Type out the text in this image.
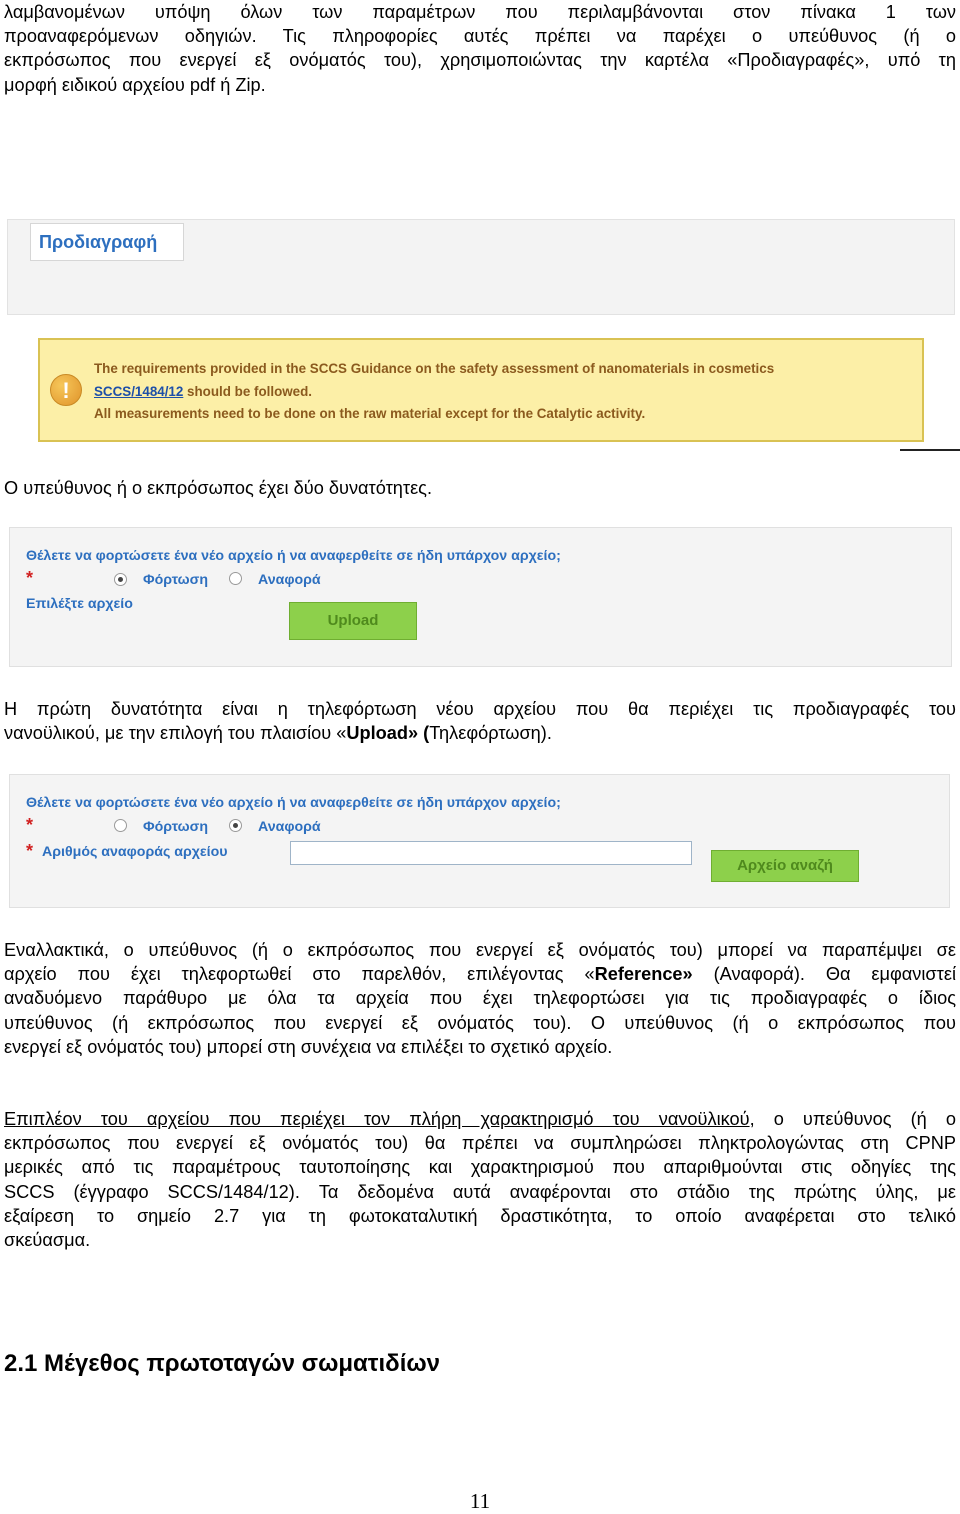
λαμβανομένων υπόψη όλων των παραμέτρων που περιλαμβάνονται στον πίνακα 1 των
προαναφερόμενων οδηγιών. Τις πληροφορίες αυτές πρέπει να παρέχει ο υπεύθυνος (ή ο
εκπρόσωπος που ενεργεί εξ ονόματός του), χρησιμοποιώντας την καρτέλα «Προδιαγραφές», υπό τη
μορφή ειδικού αρχείου pdf ή Zip.
Προδιαγραφή
!
The requirements provided in the SCCS Guidance on the safety assessment of nanomaterials in cosmetics
SCCS/1484/12 should be followed.
All measurements need to be done on the raw material except for the Catalytic activity.
Ο υπεύθυνος ή ο εκπρόσωπος έχει δύο δυνατότητες.
Θέλετε να φορτώσετε ένα νέο αρχείο ή να αναφερθείτε σε ήδη υπάρχον αρχείο;
*	Φόρτωση	Αναφορά
Επιλέξτε αρχείο
Upload
Η πρώτη δυνατότητα είναι η τηλεφόρτωση νέου αρχείου που θα περιέχει τις προδιαγραφές του
νανοϋλικού, με την επιλογή του πλαισίου «Upload» (Τηλεφόρτωση).
Θέλετε να φορτώσετε ένα νέο αρχείο ή να αναφερθείτε σε ήδη υπάρχον αρχείο;
*	Φόρτωση	Αναφορά
* Αριθμός αναφοράς αρχείου
Αρχείο αναζή
Εναλλακτικά, ο υπεύθυνος (ή ο εκπρόσωπος που ενεργεί εξ ονόματός του) μπορεί να παραπέμψει σε
αρχείο που έχει τηλεφορτωθεί στο παρελθόν, επιλέγοντας «Reference» (Αναφορά). Θα εμφανιστεί
αναδυόμενο παράθυρο με όλα τα αρχεία που έχει τηλεφορτώσει για τις προδιαγραφές ο ίδιος
υπεύθυνος (ή εκπρόσωπος που ενεργεί εξ ονόματός του). Ο υπεύθυνος (ή ο εκπρόσωπος που
ενεργεί εξ ονόματός του) μπορεί στη συνέχεια να επιλέξει το σχετικό αρχείο.
Επιπλέον του αρχείου που περιέχει τον πλήρη χαρακτηρισμό του νανοϋλικού, ο υπεύθυνος (ή ο
εκπρόσωπος που ενεργεί εξ ονόματός του) θα πρέπει να συμπληρώσει πληκτρολογώντας στη CPNP
μερικές από τις παραμέτρους ταυτοποίησης και χαρακτηρισμού που απαριθμούνται στις οδηγίες της
SCCS (έγγραφο SCCS/1484/12). Τα δεδομένα αυτά αναφέρονται στο στάδιο της πρώτης ύλης, με
εξαίρεση το σημείο 2.7 για τη φωτοκαταλυτική δραστικότητα, το οποίο αναφέρεται στο τελικό
σκεύασμα.
2.1 Μέγεθος πρωτοταγών σωματιδίων
11
